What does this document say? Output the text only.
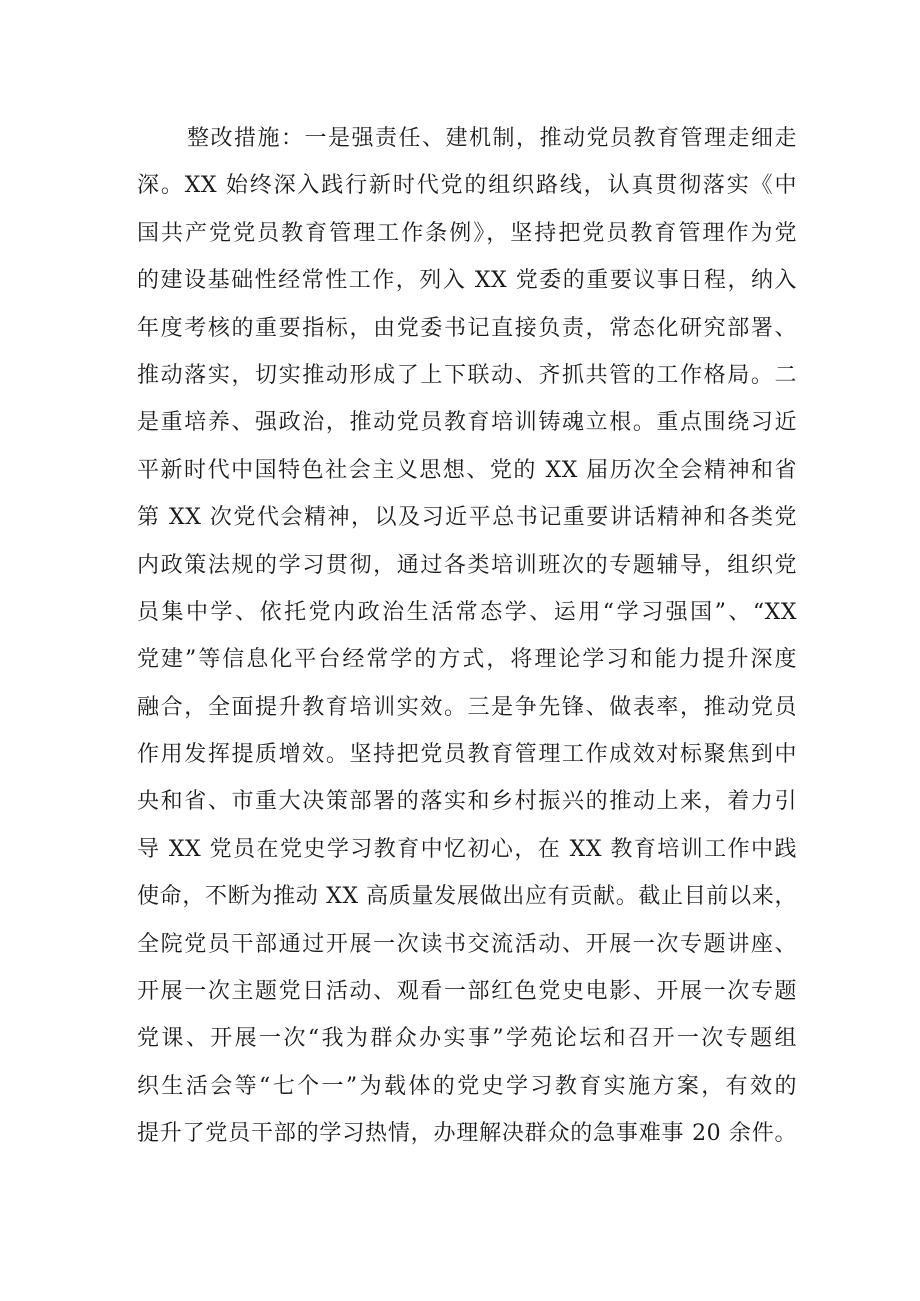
整改措施：一是强责任、建机制，推动党员教育管理走细走
深。XX 始终深入践行新时代党的组织路线，认真贯彻落实《中
国共产党党员教育管理工作条例》，坚持把党员教育管理作为党
的建设基础性经常性工作，列入 XX 党委的重要议事日程，纳入
年度考核的重要指标，由党委书记直接负责，常态化研究部署、
推动落实，切实推动形成了上下联动、齐抓共管的工作格局。二
是重培养、强政治，推动党员教育培训铸魂立根。重点围绕习近
平新时代中国特色社会主义思想、党的 XX 届历次全会精神和省
第 XX 次党代会精神，以及习近平总书记重要讲话精神和各类党
内政策法规的学习贯彻，通过各类培训班次的专题辅导，组织党
员集中学、依托党内政治生活常态学、运用“学习强国”、“XX
党建”等信息化平台经常学的方式，将理论学习和能力提升深度
融合，全面提升教育培训实效。三是争先锋、做表率，推动党员
作用发挥提质增效。坚持把党员教育管理工作成效对标聚焦到中
央和省、市重大决策部署的落实和乡村振兴的推动上来，着力引
导 XX 党员在党史学习教育中忆初心，在 XX 教育培训工作中践
使命，不断为推动 XX 高质量发展做出应有贡献。截止目前以来，
全院党员干部通过开展一次读书交流活动、开展一次专题讲座、
开展一次主题党日活动、观看一部红色党史电影、开展一次专题
党课、开展一次“我为群众办实事”学苑论坛和召开一次专题组
织生活会等“七个一”为载体的党史学习教育实施方案，有效的
提升了党员干部的学习热情，办理解决群众的急事难事 20 余件。
